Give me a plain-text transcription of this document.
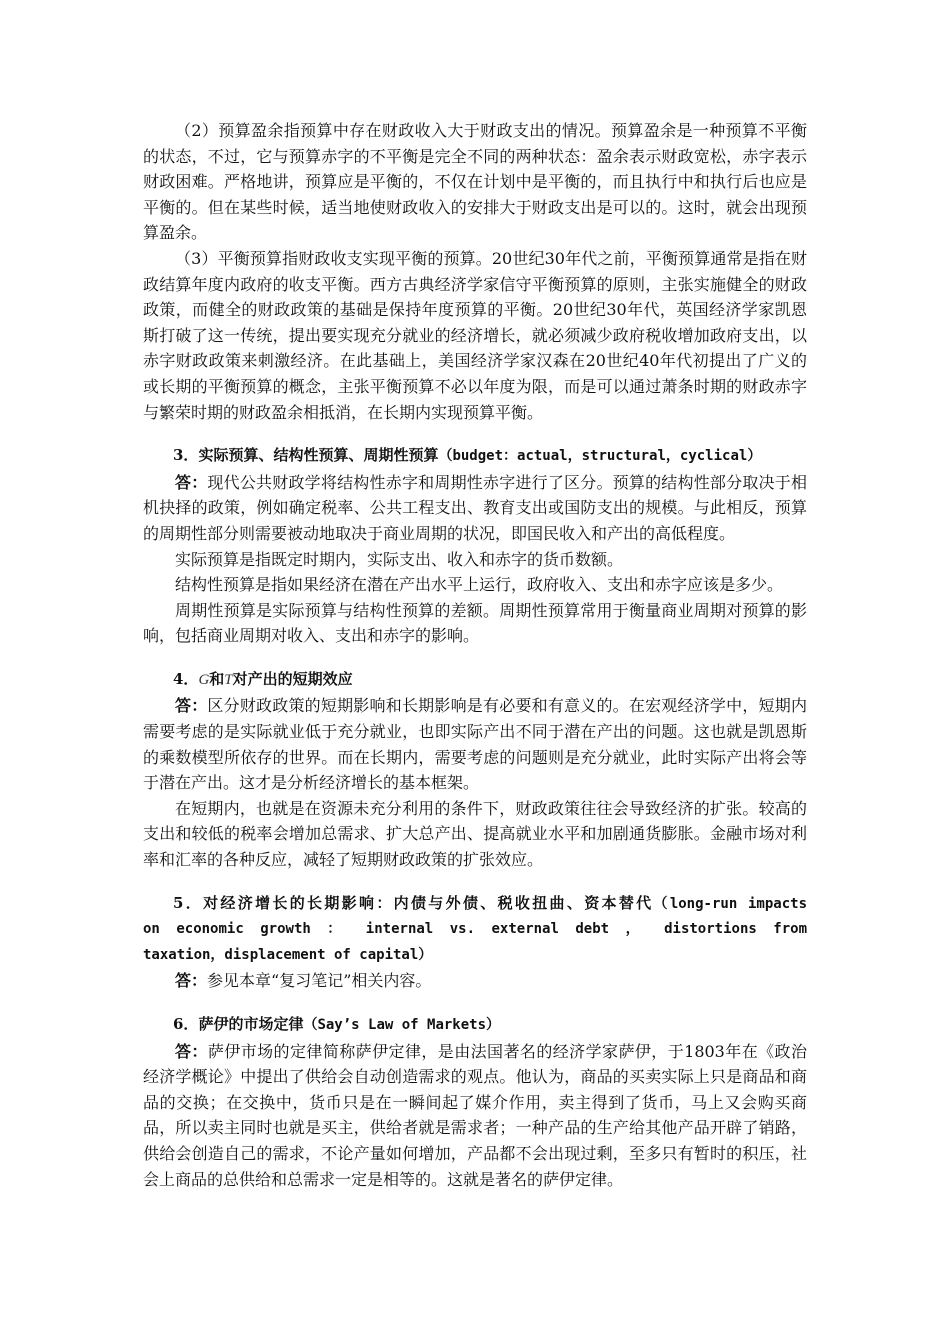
（2）预算盈余指预算中存在财政收入大于财政支出的情况。预算盈余是一种预算不平衡的状态，不过，它与预算赤字的不平衡是完全不同的两种状态：盈余表示财政宽松，赤字表示财政困难。严格地讲，预算应是平衡的，不仅在计划中是平衡的，而且执行中和执行后也应是平衡的。但在某些时候，适当地使财政收入的安排大于财政支出是可以的。这时，就会出现预算盈余。

（3）平衡预算指财政收支实现平衡的预算。20世纪30年代之前，平衡预算通常是指在财政结算年度内政府的收支平衡。西方古典经济学家信守平衡预算的原则，主张实施健全的财政政策，而健全的财政政策的基础是保持年度预算的平衡。20世纪30年代，英国经济学家凯恩斯打破了这一传统，提出要实现充分就业的经济增长，就必须减少政府税收增加政府支出，以赤字财政政策来刺激经济。在此基础上，美国经济学家汉森在20世纪40年代初提出了广义的或长期的平衡预算的概念，主张平衡预算不必以年度为限，而是可以通过萧条时期的财政赤字与繁荣时期的财政盈余相抵消，在长期内实现预算平衡。

3．实际预算、结构性预算、周期性预算（budget：actual，structural，cyclical）

答：现代公共财政学将结构性赤字和周期性赤字进行了区分。预算的结构性部分取决于相机抉择的政策，例如确定税率、公共工程支出、教育支出或国防支出的规模。与此相反，预算的周期性部分则需要被动地取决于商业周期的状况，即国民收入和产出的高低程度。

实际预算是指既定时期内，实际支出、收入和赤字的货币数额。

结构性预算是指如果经济在潜在产出水平上运行，政府收入、支出和赤字应该是多少。

周期性预算是实际预算与结构性预算的差额。周期性预算常用于衡量商业周期对预算的影响，包括商业周期对收入、支出和赤字的影响。

4．G和T对产出的短期效应

答：区分财政政策的短期影响和长期影响是有必要和有意义的。在宏观经济学中，短期内需要考虑的是实际就业低于充分就业，也即实际产出不同于潜在产出的问题。这也就是凯恩斯的乘数模型所依存的世界。而在长期内，需要考虑的问题则是充分就业，此时实际产出将会等于潜在产出。这才是分析经济增长的基本框架。

在短期内，也就是在资源未充分利用的条件下，财政政策往往会导致经济的扩张。较高的支出和较低的税率会增加总需求、扩大总产出、提高就业水平和加剧通货膨胀。金融市场对利率和汇率的各种反应，减轻了短期财政政策的扩张效应。

5．对经济增长的长期影响：内债与外债、税收扭曲、资本替代（long-run impacts

on economic growth ： internal vs. external debt ， distortions from

taxation，displacement of capital）

答：参见本章“复习笔记”相关内容。

6．萨伊的市场定律（Say’s Law of Markets）

答：萨伊市场的定律简称萨伊定律，是由法国著名的经济学家萨伊，于1803年在《政治经济学概论》中提出了供给会自动创造需求的观点。他认为，商品的买卖实际上只是商品和商品的交换；在交换中，货币只是在一瞬间起了媒介作用，卖主得到了货币，马上又会购买商品，所以卖主同时也就是买主，供给者就是需求者；一种产品的生产给其他产品开辟了销路，供给会创造自己的需求，不论产量如何增加，产品都不会出现过剩，至多只有暂时的积压，社会上商品的总供给和总需求一定是相等的。这就是著名的萨伊定律。
